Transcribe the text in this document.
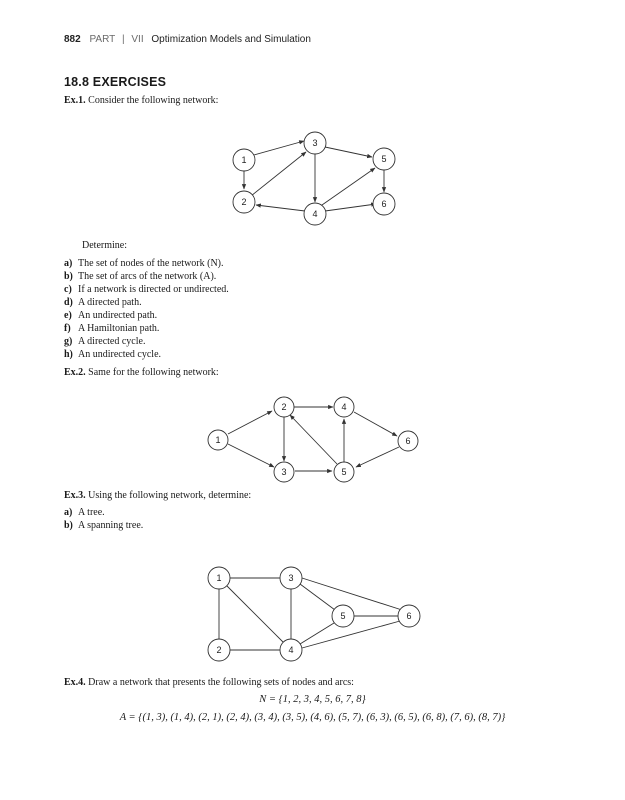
882 PART | VII Optimization Models and Simulation
18.8 EXERCISES
Ex.1. Consider the following network:
1
2
3
4
5
6
1
2
3
4
5
6
1
2
3
4
5	6
Determine:
a) The set of nodes of the network (N).
b) The set of arcs of the network (A).
c) If a network is directed or undirected.
d) A directed path.
e) An undirected path.
f) A Hamiltonian path.
g) A directed cycle.
h) An undirected cycle.
Ex.2. Same for the following network:
Ex.3. Using the following network, determine:
a) A tree.
b) A spanning tree.
Ex.4. Draw a network that presents the following sets of nodes and arcs:
N = {1, 2, 3, 4, 5, 6, 7, 8}
A = {(1, 3), (1, 4), (2, 1), (2, 4), (3, 4), (3, 5), (4, 6), (5, 7), (6, 3), (6, 5), (6, 8), (7, 6), (8, 7)}
